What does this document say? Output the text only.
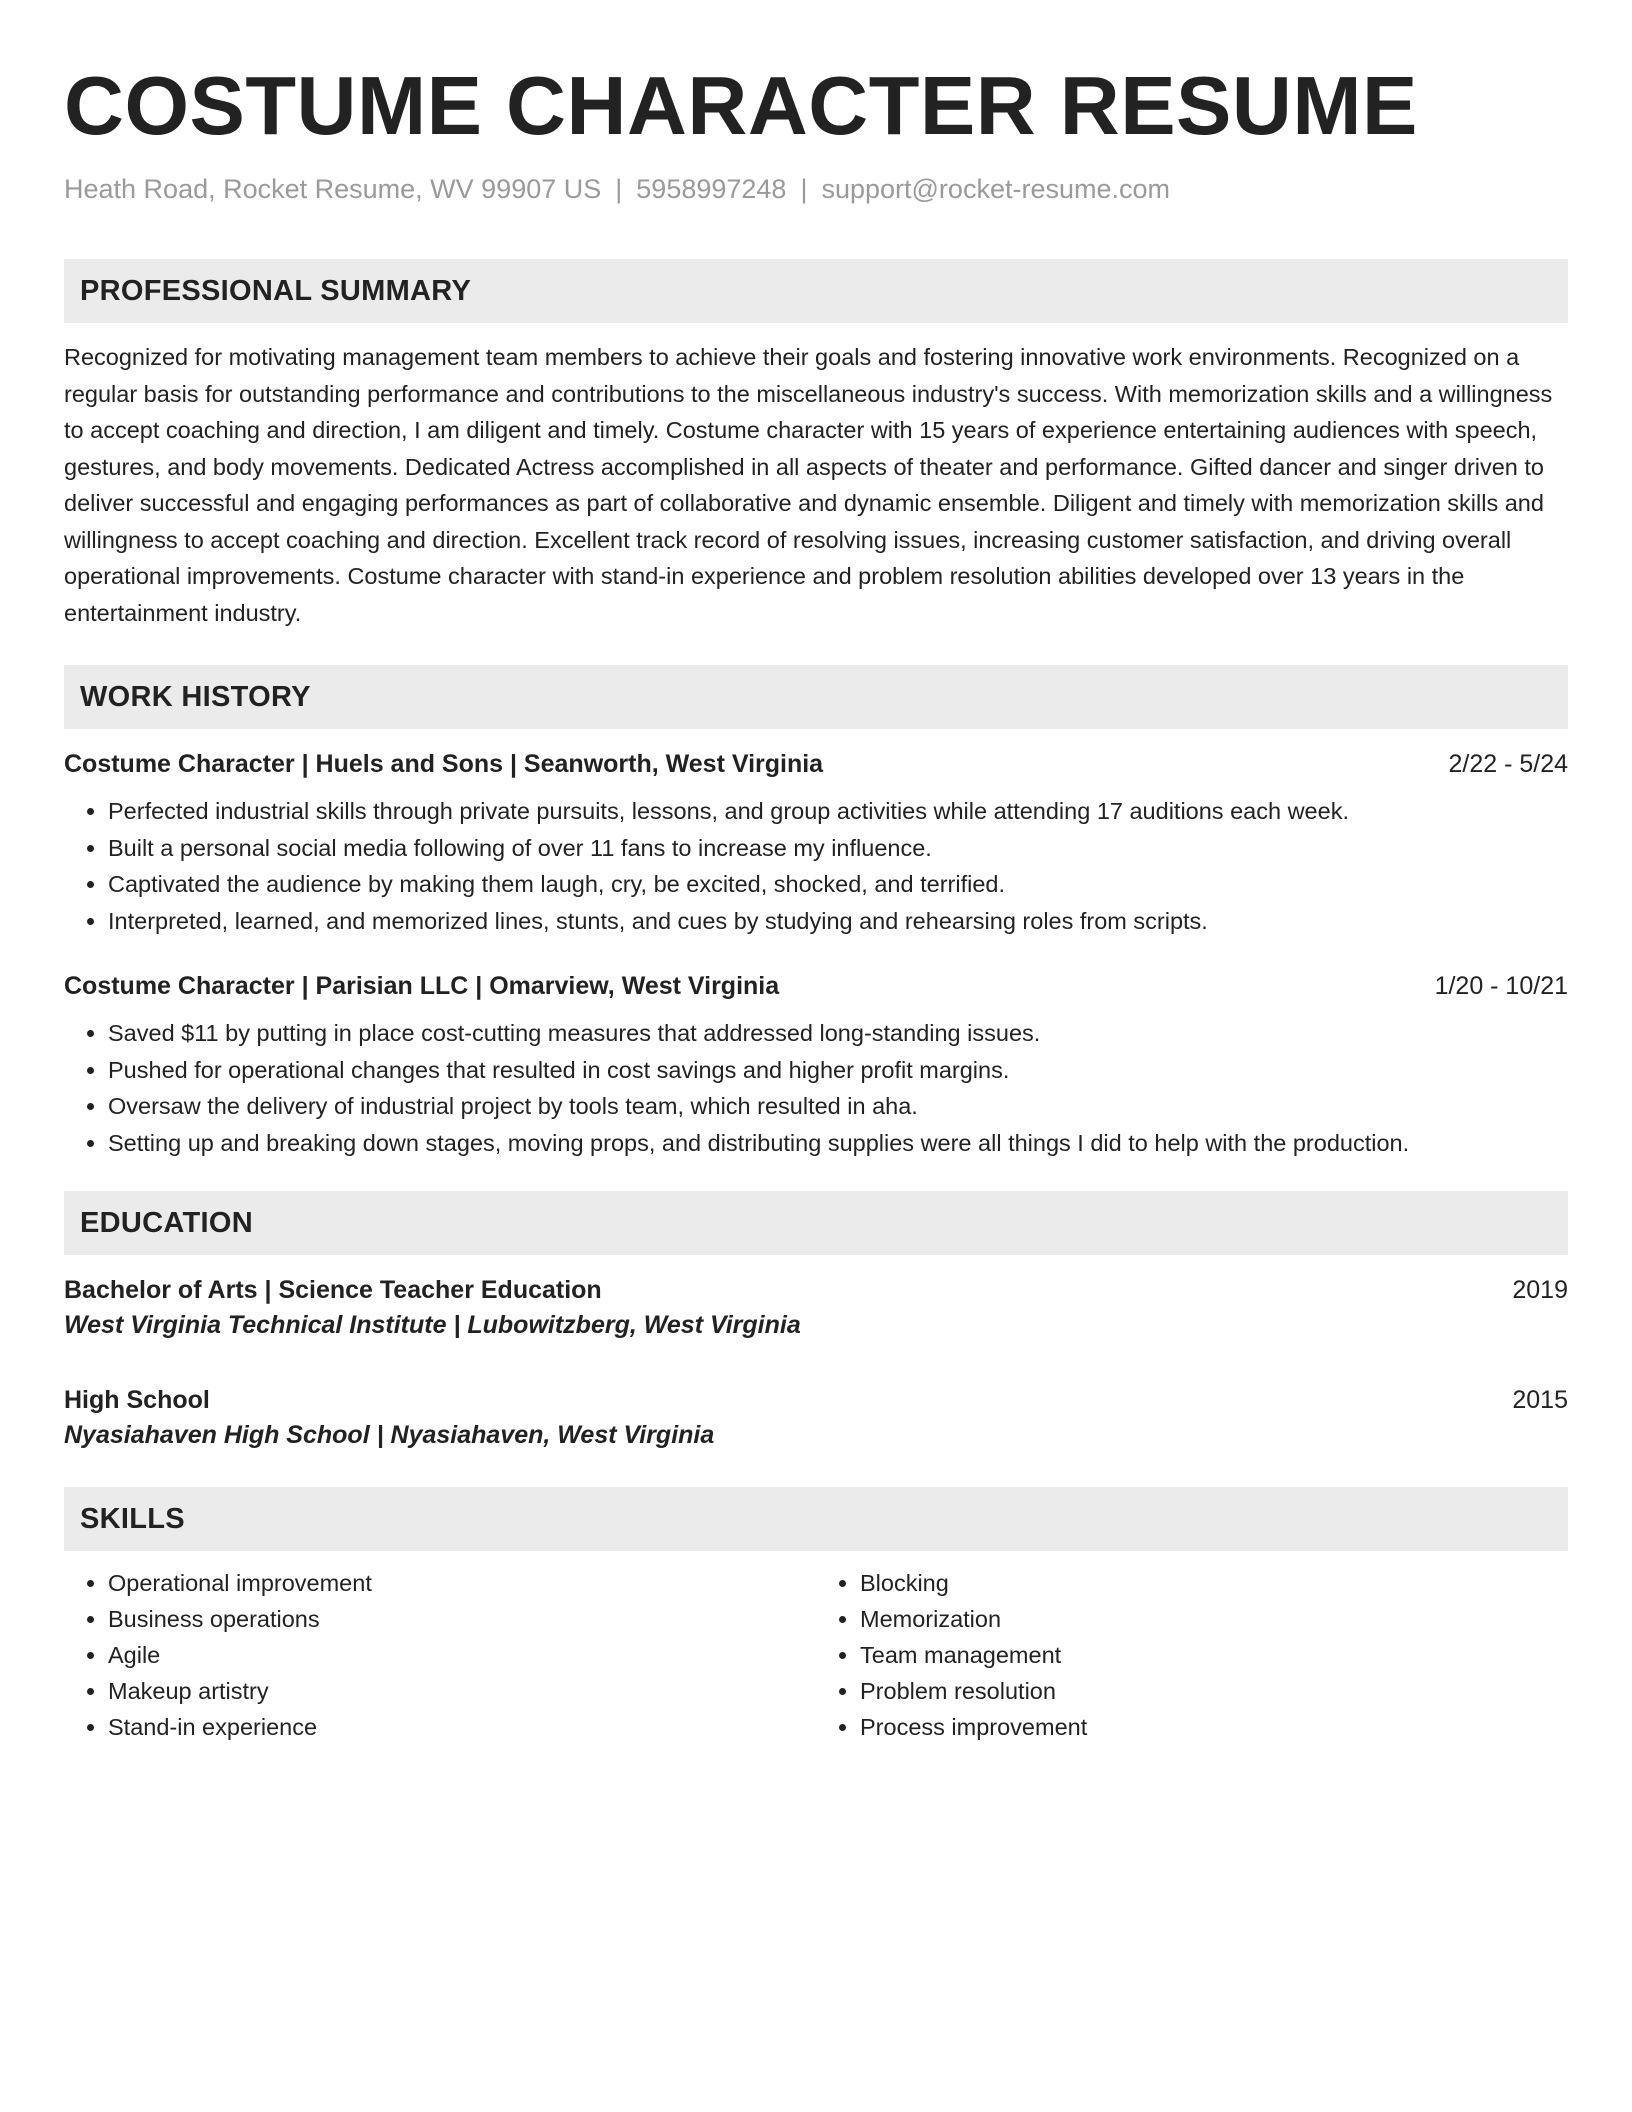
COSTUME CHARACTER RESUME
Heath Road, Rocket Resume, WV 99907 US | 5958997248 | support@rocket-resume.com
PROFESSIONAL SUMMARY
Recognized for motivating management team members to achieve their goals and fostering innovative work environments. Recognized on a regular basis for outstanding performance and contributions to the miscellaneous industry's success. With memorization skills and a willingness to accept coaching and direction, I am diligent and timely. Costume character with 15 years of experience entertaining audiences with speech, gestures, and body movements. Dedicated Actress accomplished in all aspects of theater and performance. Gifted dancer and singer driven to deliver successful and engaging performances as part of collaborative and dynamic ensemble. Diligent and timely with memorization skills and willingness to accept coaching and direction. Excellent track record of resolving issues, increasing customer satisfaction, and driving overall operational improvements. Costume character with stand-in experience and problem resolution abilities developed over 13 years in the entertainment industry.
WORK HISTORY
Costume Character | Huels and Sons | Seanworth, West Virginia	2/22 - 5/24
• Perfected industrial skills through private pursuits, lessons, and group activities while attending 17 auditions each week.
• Built a personal social media following of over 11 fans to increase my influence.
• Captivated the audience by making them laugh, cry, be excited, shocked, and terrified.
• Interpreted, learned, and memorized lines, stunts, and cues by studying and rehearsing roles from scripts.
Costume Character | Parisian LLC | Omarview, West Virginia	1/20 - 10/21
• Saved $11 by putting in place cost-cutting measures that addressed long-standing issues.
• Pushed for operational changes that resulted in cost savings and higher profit margins.
• Oversaw the delivery of industrial project by tools team, which resulted in aha.
• Setting up and breaking down stages, moving props, and distributing supplies were all things I did to help with the production.
EDUCATION
Bachelor of Arts | Science Teacher Education	2019
West Virginia Technical Institute | Lubowitzberg, West Virginia
High School	2015
Nyasiahaven High School | Nyasiahaven, West Virginia
SKILLS
• Operational improvement
• Business operations
• Agile
• Makeup artistry
• Stand-in experience
• Blocking
• Memorization
• Team management
• Problem resolution
• Process improvement
